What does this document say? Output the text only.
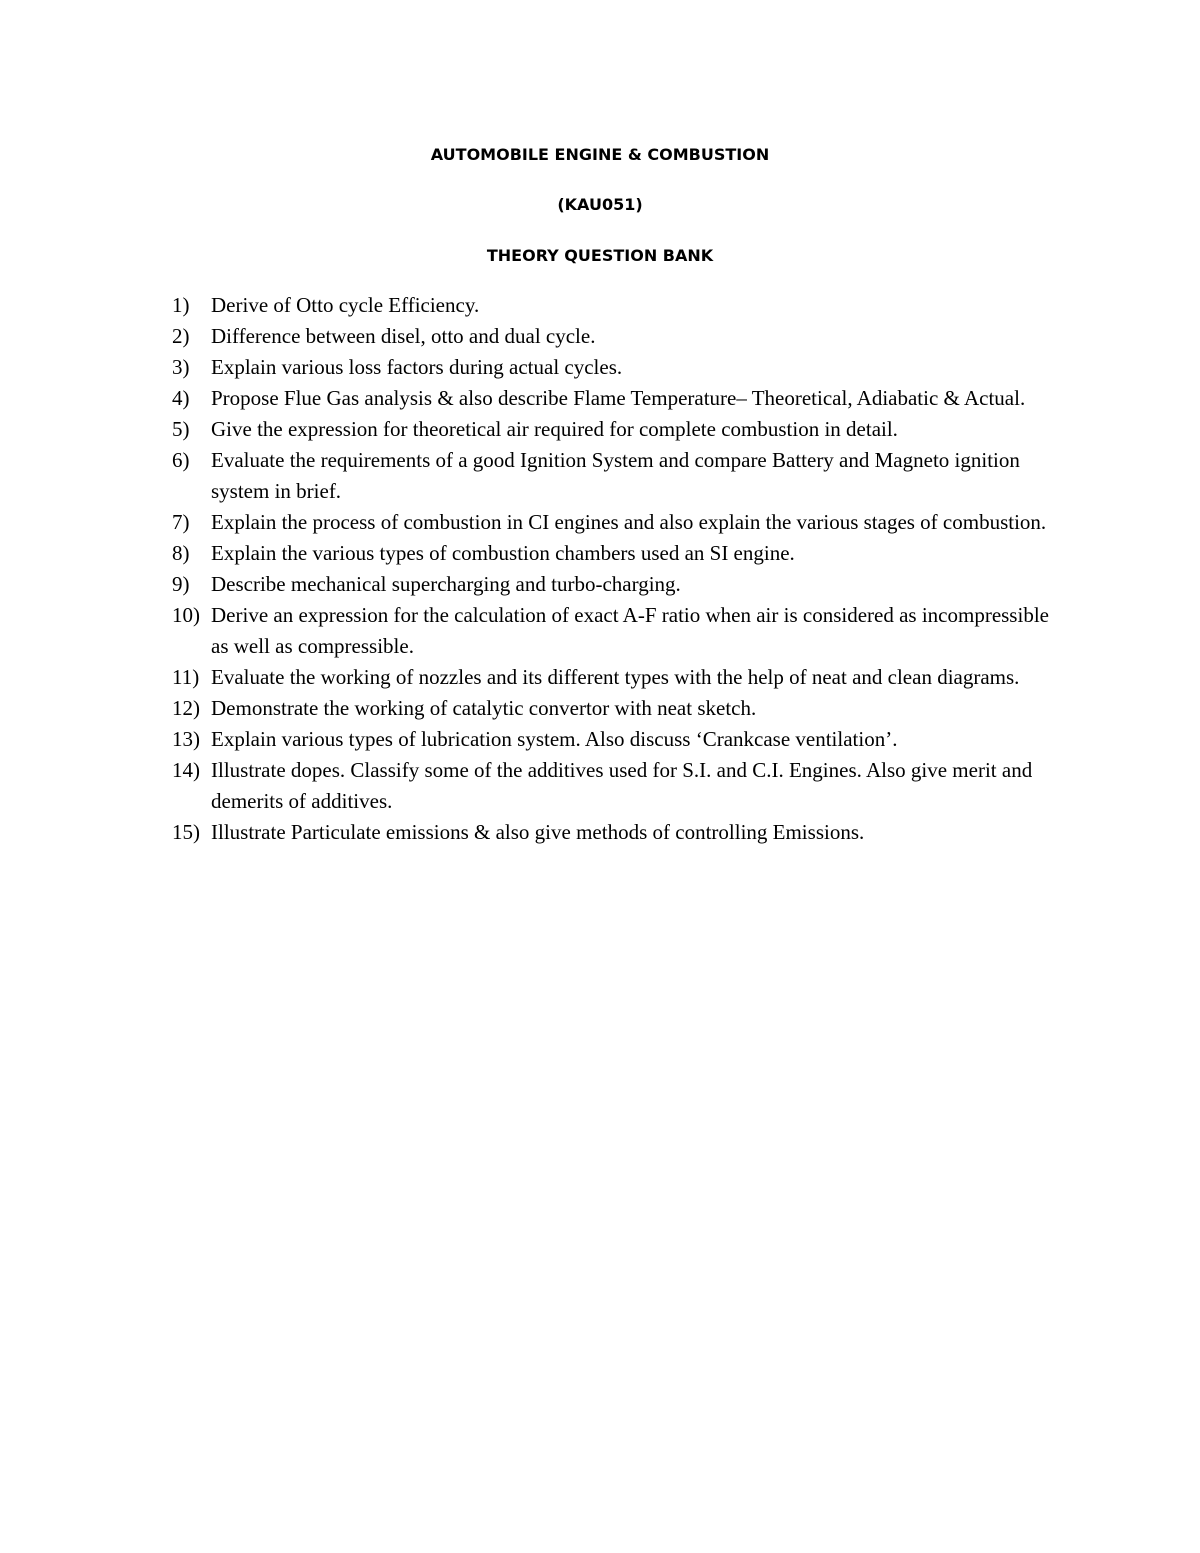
AUTOMOBILE ENGINE & COMBUSTION
(KAU051)
THEORY QUESTION BANK
1)	Derive of Otto cycle Efficiency.
2)	Difference between disel, otto and dual cycle.
3)	Explain various loss factors during actual cycles.
4)	Propose Flue Gas analysis & also describe Flame Temperature– Theoretical, Adiabatic & Actual.
5)	Give the expression for theoretical air required for complete combustion in detail.
6)	Evaluate the requirements of a good Ignition System and compare Battery and Magneto ignition system in brief.
7)	Explain the process of combustion in CI engines and also explain the various stages of combustion.
8)	Explain the various types of combustion chambers used an SI engine.
9)	Describe mechanical supercharging and turbo-charging.
10) Derive an expression for the calculation of exact A-F ratio when air is considered as incompressible as well as compressible.
11) Evaluate the working of nozzles and its different types with the help of neat and clean diagrams.
12) Demonstrate the working of catalytic convertor with neat sketch.
13) Explain various types of lubrication system. Also discuss ‘Crankcase ventilation’.
14) Illustrate dopes. Classify some of the additives used for S.I. and C.I. Engines. Also give merit and demerits of additives.
15) Illustrate Particulate emissions & also give methods of controlling Emissions.
